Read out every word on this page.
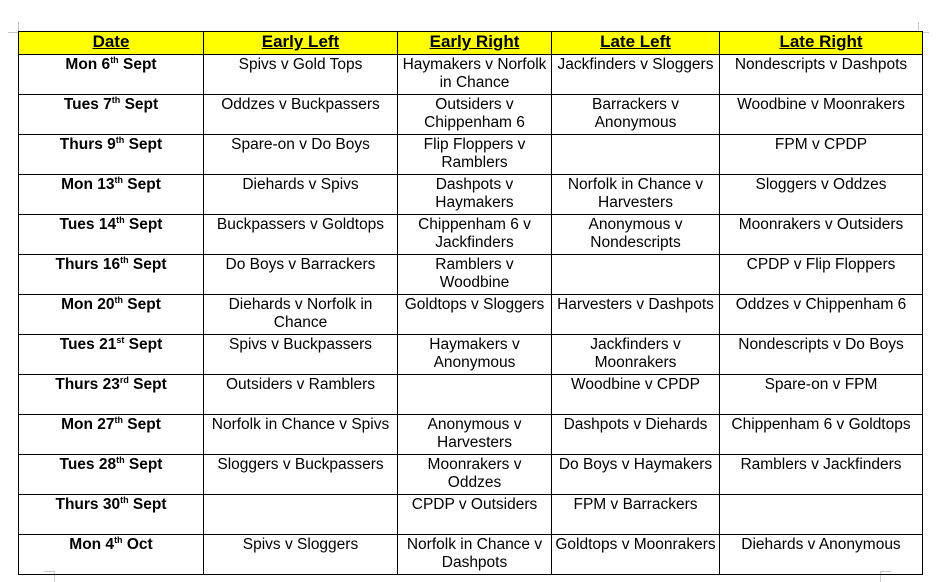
Date	Early Left	Early Right	Late Left	Late Right
Mon 6th Sept	Spivs v Gold Tops	Haymakers v Norfolk in Chance	Jackfinders v Sloggers	Nondescripts v Dashpots
Tues 7th Sept	Oddzes v Buckpassers	Outsiders v Chippenham 6	Barrackers v Anonymous	Woodbine v Moonrakers
Thurs 9th Sept	Spare-on v Do Boys	Flip Floppers v Ramblers		FPM v CPDP
Mon 13th Sept	Diehards v Spivs	Dashpots v Haymakers	Norfolk in Chance v Harvesters	Sloggers v Oddzes
Tues 14th Sept	Buckpassers v Goldtops	Chippenham 6 v Jackfinders	Anonymous v Nondescripts	Moonrakers v Outsiders
Thurs 16th Sept	Do Boys v Barrackers	Ramblers v Woodbine		CPDP v Flip Floppers
Mon 20th Sept	Diehards v Norfolk in Chance	Goldtops v Sloggers	Harvesters v Dashpots	Oddzes v Chippenham 6
Tues 21st Sept	Spivs v Buckpassers	Haymakers v Anonymous	Jackfinders v Moonrakers	Nondescripts v Do Boys
Thurs 23rd Sept	Outsiders v Ramblers		Woodbine v CPDP	Spare-on v FPM
Mon 27th Sept	Norfolk in Chance v Spivs	Anonymous v Harvesters	Dashpots v Diehards	Chippenham 6 v Goldtops
Tues 28th Sept	Sloggers v Buckpassers	Moonrakers v Oddzes	Do Boys v Haymakers	Ramblers v Jackfinders
Thurs 30th Sept		CPDP v Outsiders	FPM v Barrackers	
Mon 4th Oct	Spivs v Sloggers	Norfolk in Chance v Dashpots	Goldtops v Moonrakers	Diehards v Anonymous
